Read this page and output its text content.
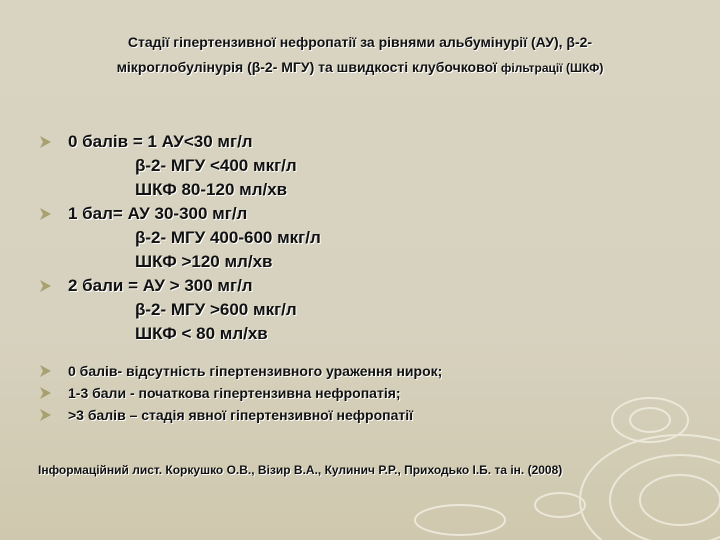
Стадії гіпертензивної нефропатії за рівнями альбумінурії (АУ), β-2-
мікроглобулінурія (β-2- МГУ) та швидкості клубочкової фільтрації (ШКФ)
0 балів = 1 АУ<30 мг/л
β-2- МГУ <400 мкг/л
ШКФ 80-120 мл/хв
1 бал= АУ 30-300 мг/л
β-2- МГУ 400-600 мкг/л
ШКФ >120 мл/хв
2 бали = АУ > 300 мг/л
β-2- МГУ >600 мкг/л
ШКФ < 80 мл/хв
0 балів- відсутність гіпертензивного ураження нирок;
1-3 бали - початкова гіпертензивна нефропатія;
>3 балів – стадія явної гіпертензивної нефропатії
Інформаційний лист. Коркушко О.В., Візир В.А., Кулинич Р.Р., Приходько І.Б. та ін. (2008)
